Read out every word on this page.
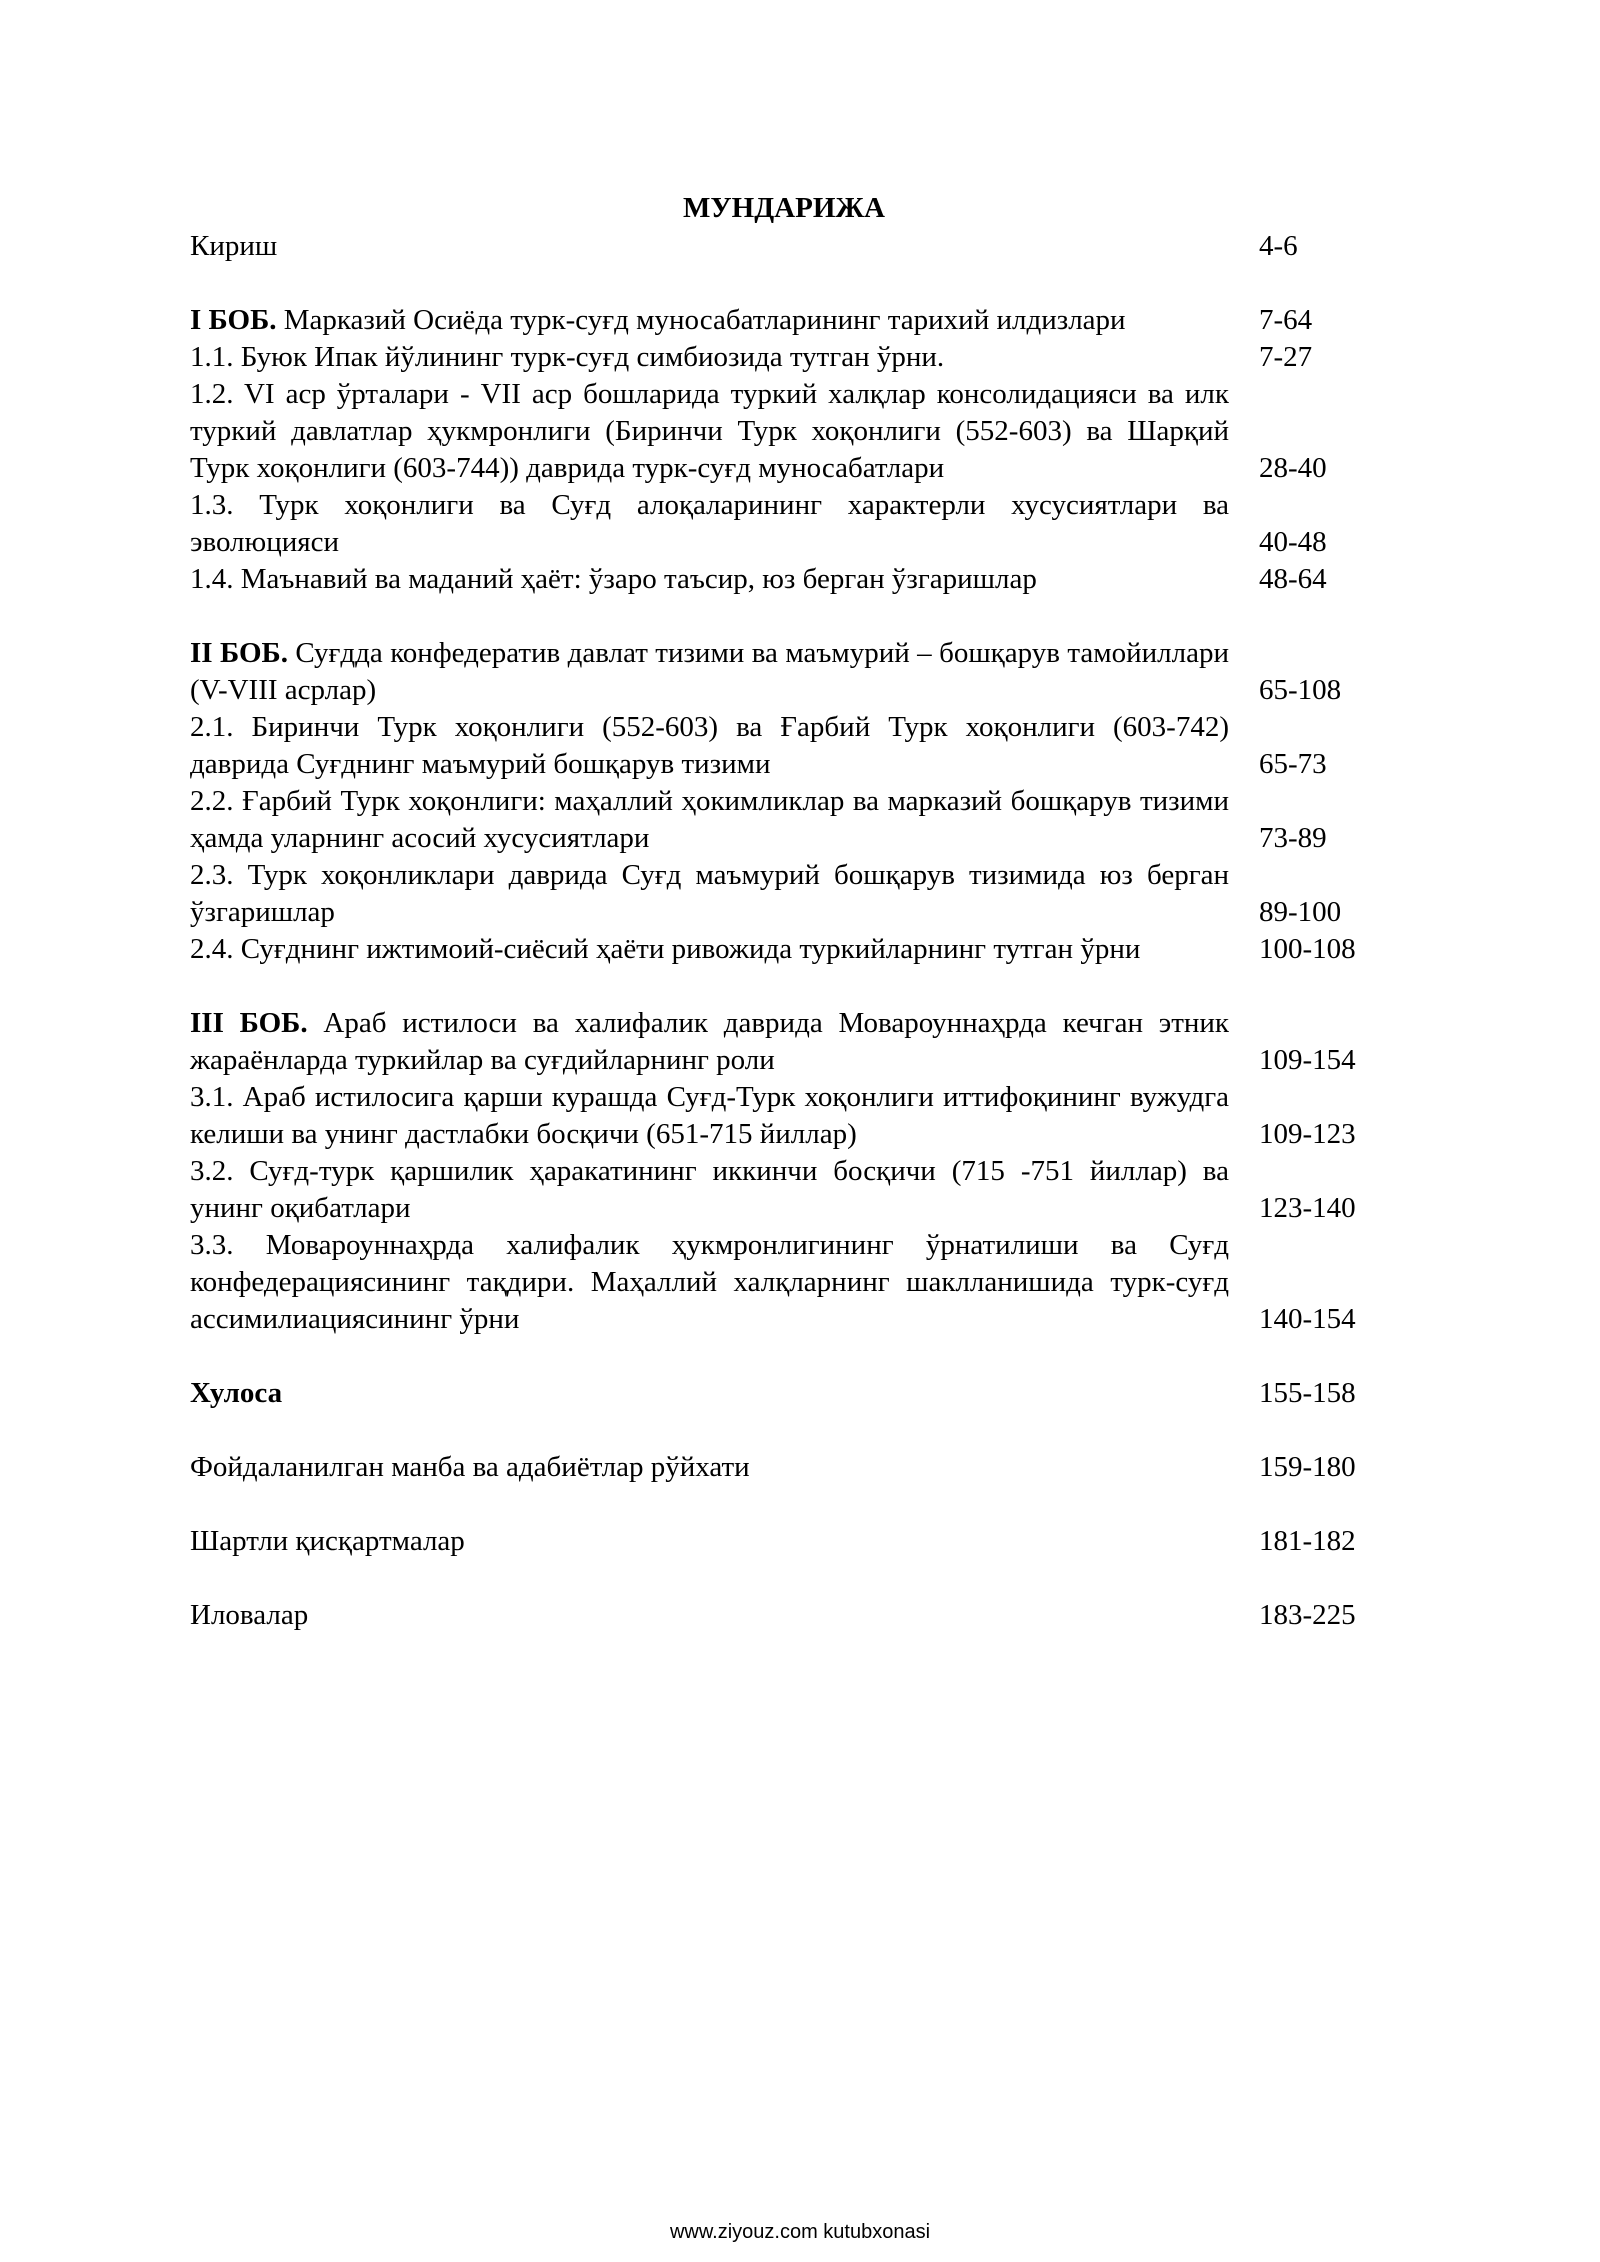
МУНДАРИЖА
Кириш	4-6
I БОБ. Марказий Осиёда турк-суғд муносабатларининг тарихий илдизлари	7-64
1.1. Буюк Ипак йўлининг турк-суғд симбиозида тутган ўрни.	7-27
1.2. VI аср ўрталари - VII аср бошларида туркий халқлар консолидацияси ва илк туркий давлатлар ҳукмронлиги (Биринчи Турк хоқонлиги (552-603) ва Шарқий Турк хоқонлиги (603-744)) даврида турк-суғд муносабатлари	28-40
1.3. Турк хоқонлиги ва Суғд алоқаларининг характерли хусусиятлари ва эволюцияси	40-48
1.4. Маънавий ва маданий ҳаёт: ўзаро таъсир, юз берган ўзгаришлар	48-64
II БОБ. Суғдда конфедератив давлат тизими ва маъмурий – бошқарув тамойиллари (V-VIII асрлар)	65-108
2.1. Биринчи Турк хоқонлиги (552-603) ва Ғарбий Турк хоқонлиги (603-742) даврида Суғднинг маъмурий бошқарув тизими	65-73
2.2. Ғарбий Турк хоқонлиги: маҳаллий ҳокимликлар ва марказий бошқарув тизими ҳамда уларнинг асосий хусусиятлари	73-89
2.3. Турк хоқонликлари даврида Суғд маъмурий бошқарув тизимида юз берган ўзгаришлар	89-100
2.4. Суғднинг ижтимоий-сиёсий ҳаёти ривожида туркийларнинг тутган ўрни	100-108
III БОБ. Араб истилоси ва халифалик даврида Мовароуннаҳрда кечган этник жараёнларда туркийлар ва суғдийларнинг роли	109-154
3.1. Араб истилосига қарши курашда Суғд-Турк хоқонлиги иттифоқининг вужудга келиши ва унинг дастлабки босқичи (651-715 йиллар)	109-123
3.2. Суғд-турк қаршилик ҳаракатининг иккинчи босқичи (715 -751 йиллар) ва унинг оқибатлари	123-140
3.3. Мовароуннаҳрда халифалик ҳукмронлигининг ўрнатилиши ва Суғд конфедерациясининг тақдири. Маҳаллий халқларнинг шаклланишида турк-суғд ассимилиациясининг ўрни	140-154
Хулоса	155-158
Фойдаланилган манба ва адабиётлар рўйхати	159-180
Шартли қисқартмалар	181-182
Иловалар	183-225
www.ziyouz.com kutubxonasi
